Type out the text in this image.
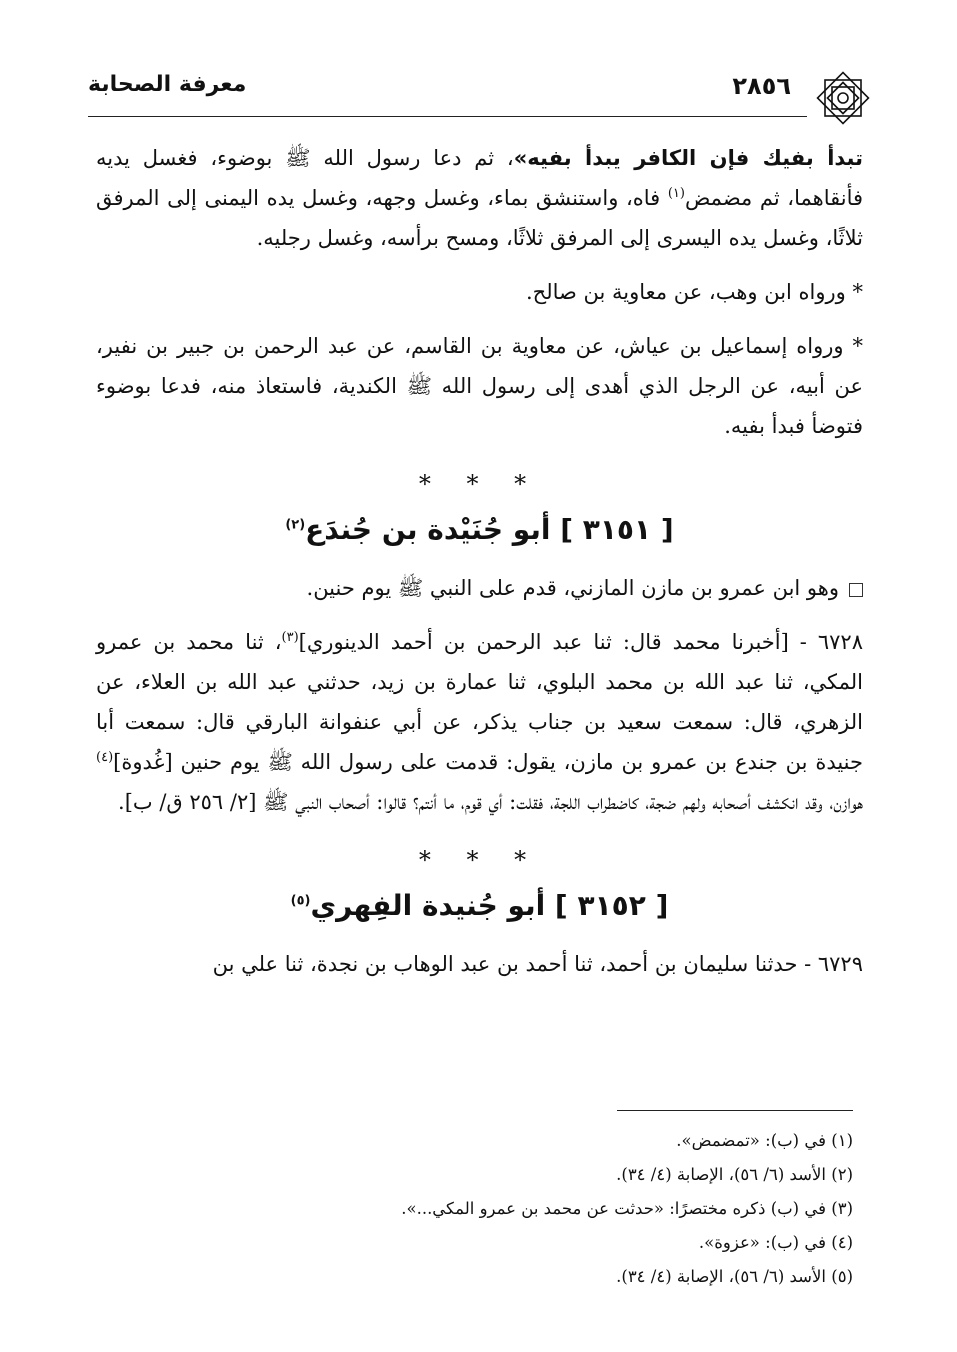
٢٨٥٦
معرفة الصحابة

تبدأ بفيك فإن الكافر يبدأ بفيه»، ثم دعا رسول الله ﷺ بوضوء، فغسل يديه فأنقاهما، ثم مضمض$^{(١)}$ فاه، واستنشق بماء، وغسل وجهه، وغسل يده اليمنى إلى المرفق ثلاثًا، وغسل يده اليسرى إلى المرفق ثلاثًا، ومسح برأسه، وغسل رجليه.

* ورواه ابن وهب، عن معاوية بن صالح.

* ورواه إسماعيل بن عياش، عن معاوية بن القاسم، عن عبد الرحمن بن جبير بن نفير، عن أبيه، عن الرجل الذي أهدى إلى رسول الله ﷺ الكندية، فاستعاذ منه، فدعا بوضوء فتوضأ فبدأ بفيه.

* * *
[ ٣١٥١ ] أبو جُنَيْدة بن جُندَع$^{(٢)}$

وهو ابن عمرو بن مازن المازني، قدم على النبي ﷺ يوم حنين.

٦٧٢٨ - [أخبرنا محمد قال: ثنا عبد الرحمن بن أحمد الدينوري]$^{(٣)}$، ثنا محمد بن عمرو المكي، ثنا عبد الله بن محمد البلوي، ثنا عمارة بن زيد، حدثني عبد الله بن العلاء، عن الزهري، قال: سمعت سعيد بن جناب يذكر، عن أبي عنفوانة البارقي قال: سمعت أبا جنيدة بن جندع بن عمرو بن مازن، يقول: قدمت على رسول الله ﷺ يوم حنين [غُدوة]$^{(٤)}$ هوازن، وقد انكشف أصحابه ولهم ضجة، كاضطراب اللجة، فقلت: أي قوم، ما أنتم؟ قالوا: أصحاب النبي ﷺ [٢/ ٢٥٦ ق/ ب].

* * *
[ ٣١٥٢ ] أبو جُنيدة الفِهري$^{(٥)}$

٦٧٢٩ - حدثنا سليمان بن أحمد، ثنا أحمد بن عبد الوهاب بن نجدة، ثنا علي بن

(١) في (ب): «تمضمض».
(٢) الأسد (٦/ ٥٦)، الإصابة (٤/ ٣٤).
(٣) في (ب) ذكره مختصرًا: «حدثت عن محمد بن عمرو المكي...».
(٤) في (ب): «عزوة».
(٥) الأسد (٦/ ٥٦)، الإصابة (٤/ ٣٤).
